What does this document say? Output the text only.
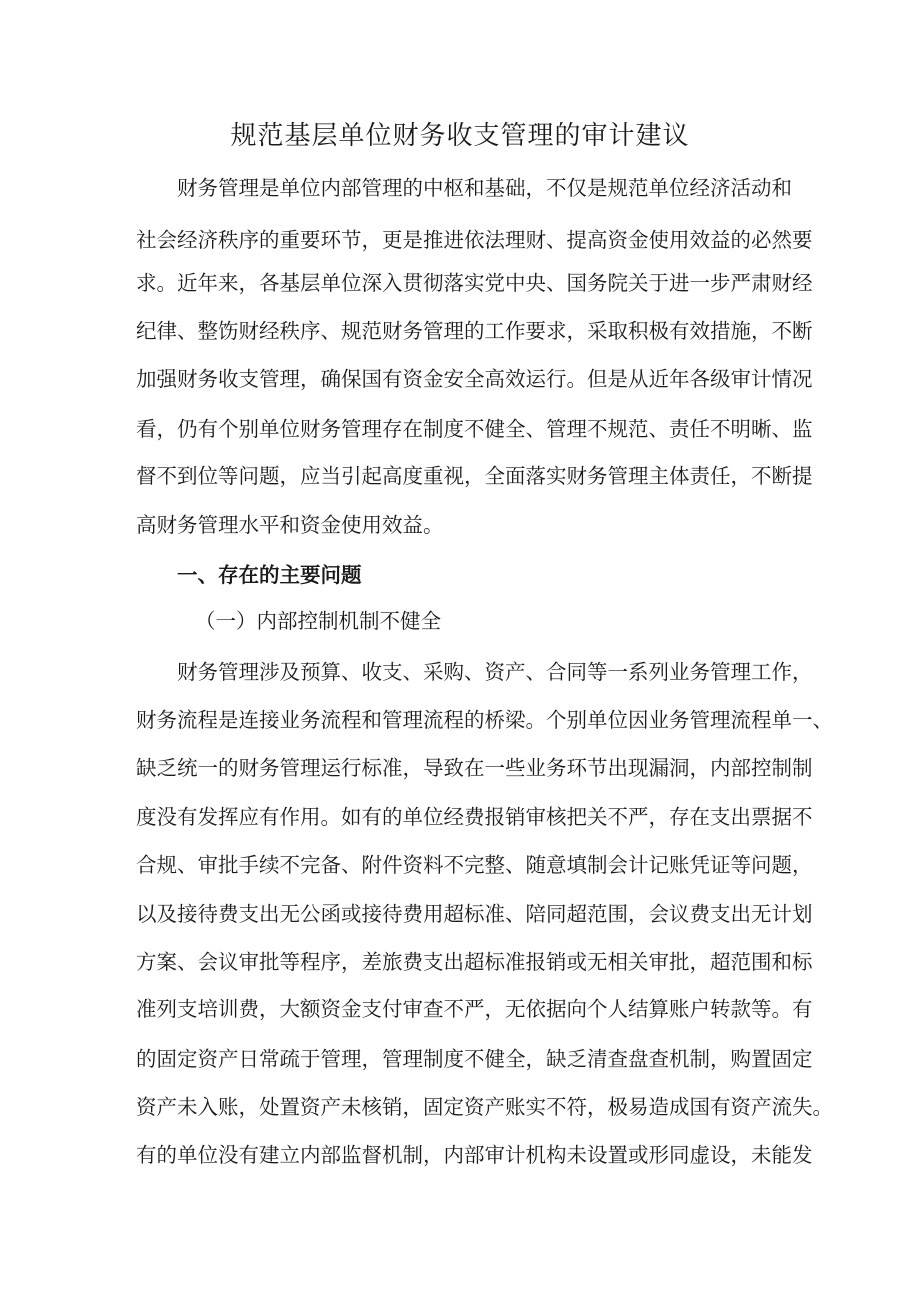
规范基层单位财务收支管理的审计建议
财务管理是单位内部管理的中枢和基础，不仅是规范单位经济活动和
社会经济秩序的重要环节，更是推进依法理财、提高资金使用效益的必然要
求。近年来，各基层单位深入贯彻落实党中央、国务院关于进一步严肃财经
纪律、整饬财经秩序、规范财务管理的工作要求，采取积极有效措施，不断
加强财务收支管理，确保国有资金安全高效运行。但是从近年各级审计情况
看，仍有个别单位财务管理存在制度不健全、管理不规范、责任不明晰、监
督不到位等问题，应当引起高度重视，全面落实财务管理主体责任，不断提
高财务管理水平和资金使用效益。
一、存在的主要问题
（一）内部控制机制不健全
财务管理涉及预算、收支、采购、资产、合同等一系列业务管理工作，
财务流程是连接业务流程和管理流程的桥梁。个别单位因业务管理流程单一、
缺乏统一的财务管理运行标准，导致在一些业务环节出现漏洞，内部控制制
度没有发挥应有作用。如有的单位经费报销审核把关不严，存在支出票据不
合规、审批手续不完备、附件资料不完整、随意填制会计记账凭证等问题，
以及接待费支出无公函或接待费用超标准、陪同超范围，会议费支出无计划
方案、会议审批等程序，差旅费支出超标准报销或无相关审批，超范围和标
准列支培训费，大额资金支付审查不严，无依据向个人结算账户转款等。有
的固定资产日常疏于管理，管理制度不健全，缺乏清查盘查机制，购置固定
资产未入账，处置资产未核销，固定资产账实不符，极易造成国有资产流失。
有的单位没有建立内部监督机制，内部审计机构未设置或形同虚设，未能发
